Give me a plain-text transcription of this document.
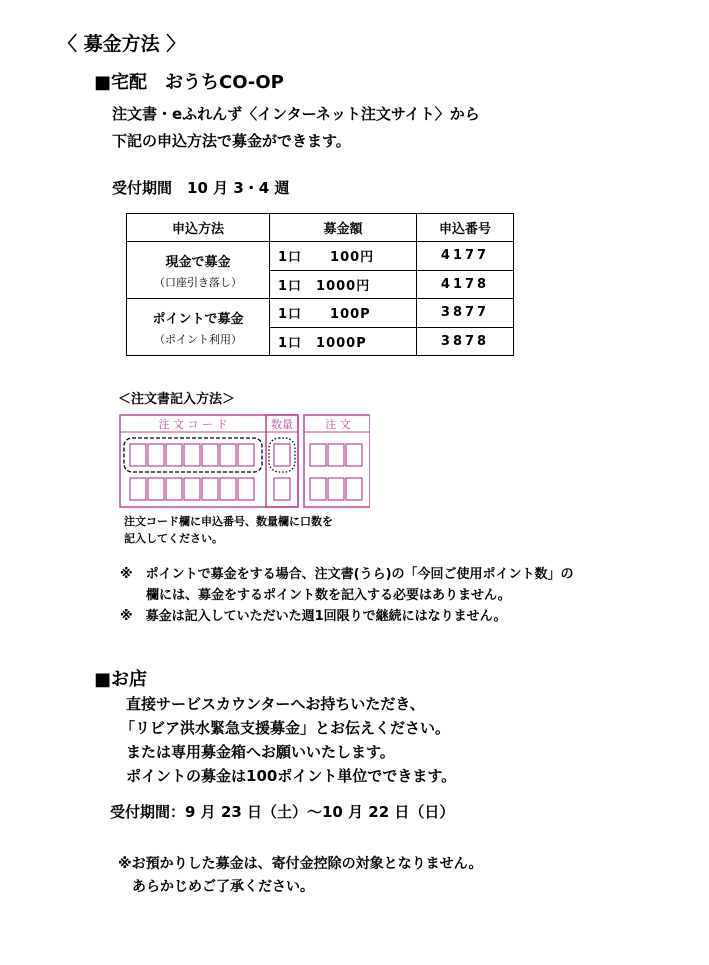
〈 募金方法 〉
■宅配　おうちCO-OP
注文書・eふれんず〈インターネット注文サイト〉から
下記の申込方法で募金ができます。
受付期間　10 月 3・4 週
申込方法	募金額	申込番号

現金で募金
（口座引き落し）	1口　　100円	4177
	1口　1000円	4178

ポイントで募金
（ポイント利用）	1口　　100P	3877
	1口　1000P	3878
＜注文書記入方法＞
注 文 コ ー ド	数量	注 文
注文コード欄に申込番号、数量欄に口数を
記入してください。
※　ポイントで募金をする場合、注文書(うら)の「今回ご使用ポイント数」の
　　欄には、募金をするポイント数を記入する必要はありません。
※　募金は記入していただいた週1回限りで継続にはなりません。
■お店
直接サービスカウンターへお持ちいただき、
「リビア洪水緊急支援募金」とお伝えください。
または専用募金箱へお願いいたします。
ポイントの募金は100ポイント単位でできます。
受付期間：9 月 23 日（土）～10 月 22 日（日）
※お預かりした募金は、寄付金控除の対象となりません。
　あらかじめご了承ください。
